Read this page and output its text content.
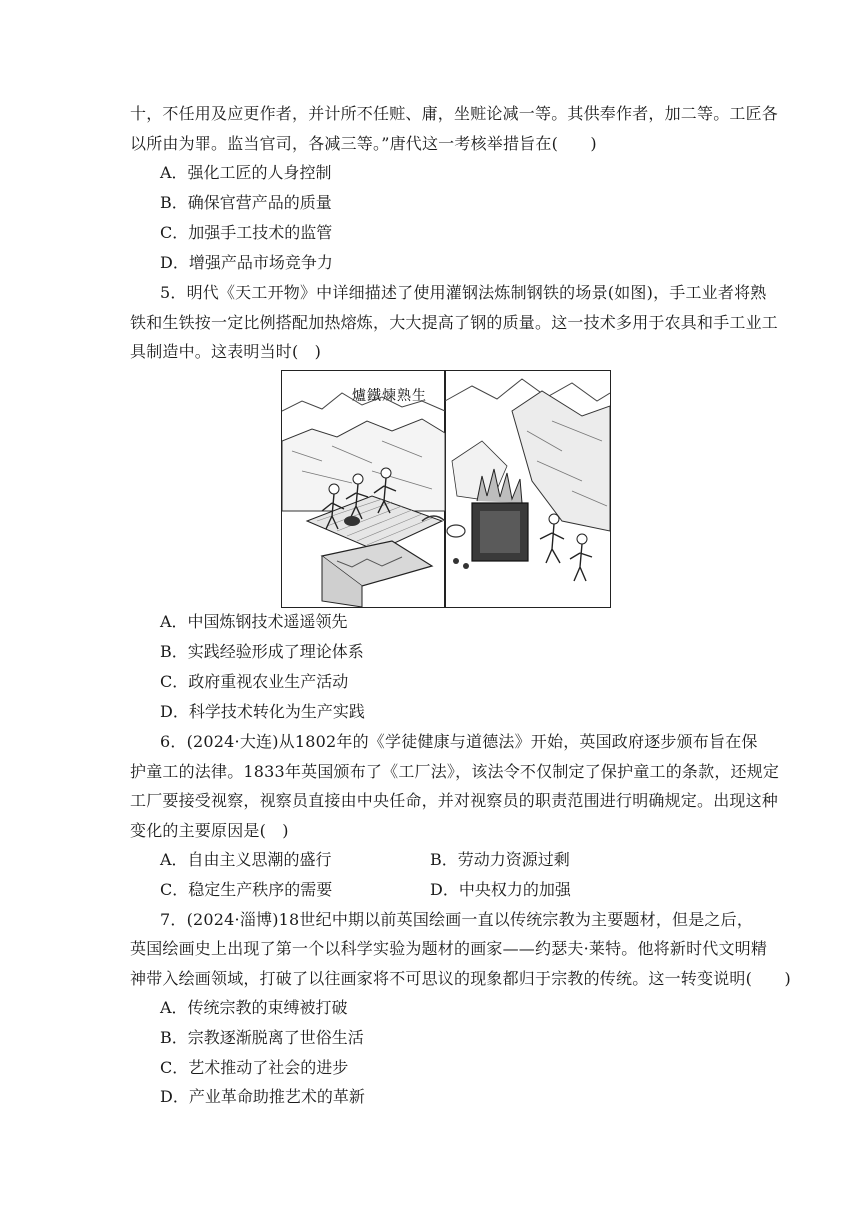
十，不任用及应更作者，并计所不任赃、庸，坐赃论减一等。其供奉作者，加二等。工匠各
以所由为罪。监当官司，各减三等。”唐代这一考核举措旨在(　　)
A．强化工匠的人身控制
B．确保官营产品的质量
C．加强手工技术的监管
D．增强产品市场竞争力
5．明代《天工开物》中详细描述了使用灌钢法炼制钢铁的场景(如图)，手工业者将熟
铁和生铁按一定比例搭配加热熔炼，大大提高了钢的质量。这一技术多用于农具和手工业工
具制造中。这表明当时(　)
爐鐵煉熟生
A．中国炼钢技术遥遥领先
B．实践经验形成了理论体系
C．政府重视农业生产活动
D．科学技术转化为生产实践
6．(2024·大连)从1802年的《学徒健康与道德法》开始，英国政府逐步颁布旨在保
护童工的法律。1833年英国颁布了《工厂法》，该法令不仅制定了保护童工的条款，还规定
工厂要接受视察，视察员直接由中央任命，并对视察员的职责范围进行明确规定。出现这种
变化的主要原因是(　)
A．自由主义思潮的盛行	B．劳动力资源过剩
C．稳定生产秩序的需要	D．中央权力的加强
7．(2024·淄博)18世纪中期以前英国绘画一直以传统宗教为主要题材，但是之后，
英国绘画史上出现了第一个以科学实验为题材的画家——约瑟夫·莱特。他将新时代文明精
神带入绘画领域，打破了以往画家将不可思议的现象都归于宗教的传统。这一转变说明(　　)
A．传统宗教的束缚被打破
B．宗教逐渐脱离了世俗生活
C．艺术推动了社会的进步
D．产业革命助推艺术的革新
